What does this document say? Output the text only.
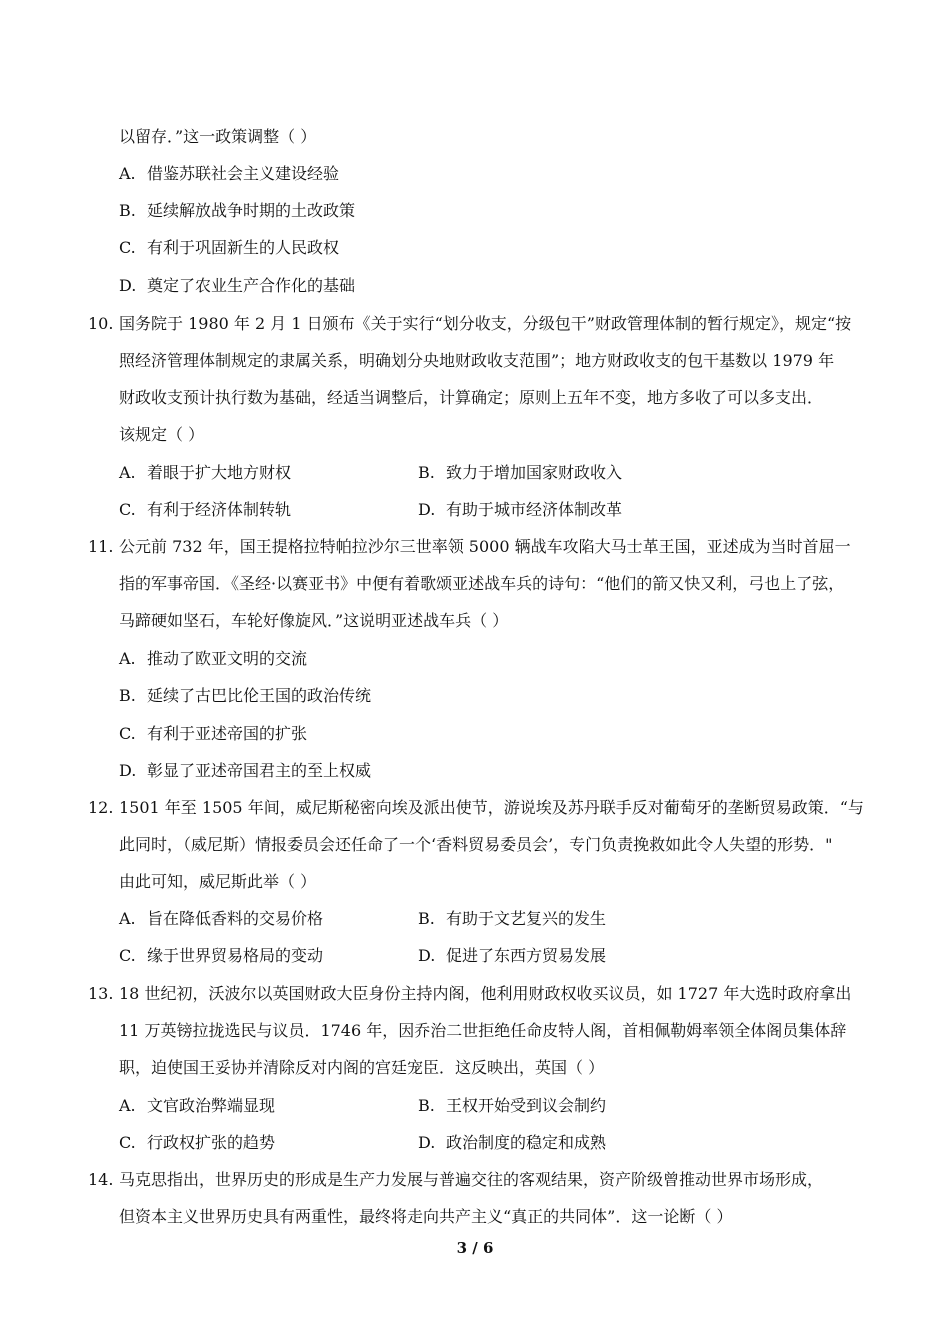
以留存．”这一政策调整（ ）
A. 借鉴苏联社会主义建设经验
B. 延续解放战争时期的土改政策
C. 有利于巩固新生的人民政权
D. 奠定了农业生产合作化的基础
10. 国务院于 1980 年 2 月 1 日颁布《关于实行“划分收支，分级包干”财政管理体制的暂行规定》，规定“按
照经济管理体制规定的隶属关系，明确划分央地财政收支范围”；地方财政收支的包干基数以 1979 年
财政收支预计执行数为基础，经适当调整后，计算确定；原则上五年不变，地方多收了可以多支出．
该规定（ ）
A. 着眼于扩大地方财权	B. 致力于增加国家财政收入
C. 有利于经济体制转轨	D. 有助于城市经济体制改革
11. 公元前 732 年，国王提格拉特帕拉沙尔三世率领 5000 辆战车攻陷大马士革王国，亚述成为当时首屈一
指的军事帝国．《圣经·以赛亚书》中便有着歌颂亚述战车兵的诗句：“他们的箭又快又利，弓也上了弦，
马蹄硬如坚石，车轮好像旋风．”这说明亚述战车兵（ ）
A. 推动了欧亚文明的交流
B. 延续了古巴比伦王国的政治传统
C. 有利于亚述帝国的扩张
D. 彰显了亚述帝国君主的至上权威
12. 1501 年至 1505 年间，威尼斯秘密向埃及派出使节，游说埃及苏丹联手反对葡萄牙的垄断贸易政策．“与
此同时，（威尼斯）情报委员会还任命了一个‘香料贸易委员会’，专门负责挽救如此令人失望的形势．"
由此可知，威尼斯此举（ ）
A. 旨在降低香料的交易价格	B. 有助于文艺复兴的发生
C. 缘于世界贸易格局的变动	D. 促进了东西方贸易发展
13. 18 世纪初，沃波尔以英国财政大臣身份主持内阁，他利用财政权收买议员，如 1727 年大选时政府拿出
11 万英镑拉拢选民与议员．1746 年，因乔治二世拒绝任命皮特人阁，首相佩勒姆率领全体阁员集体辞
职，迫使国王妥协并清除反对内阁的宫廷宠臣．这反映出，英国（ ）
A. 文官政治弊端显现	B. 王权开始受到议会制约
C. 行政权扩张的趋势	D. 政治制度的稳定和成熟
14. 马克思指出，世界历史的形成是生产力发展与普遍交往的客观结果，资产阶级曾推动世界市场形成，
但资本主义世界历史具有两重性，最终将走向共产主义“真正的共同体”．这一论断（ ）
3 / 6
